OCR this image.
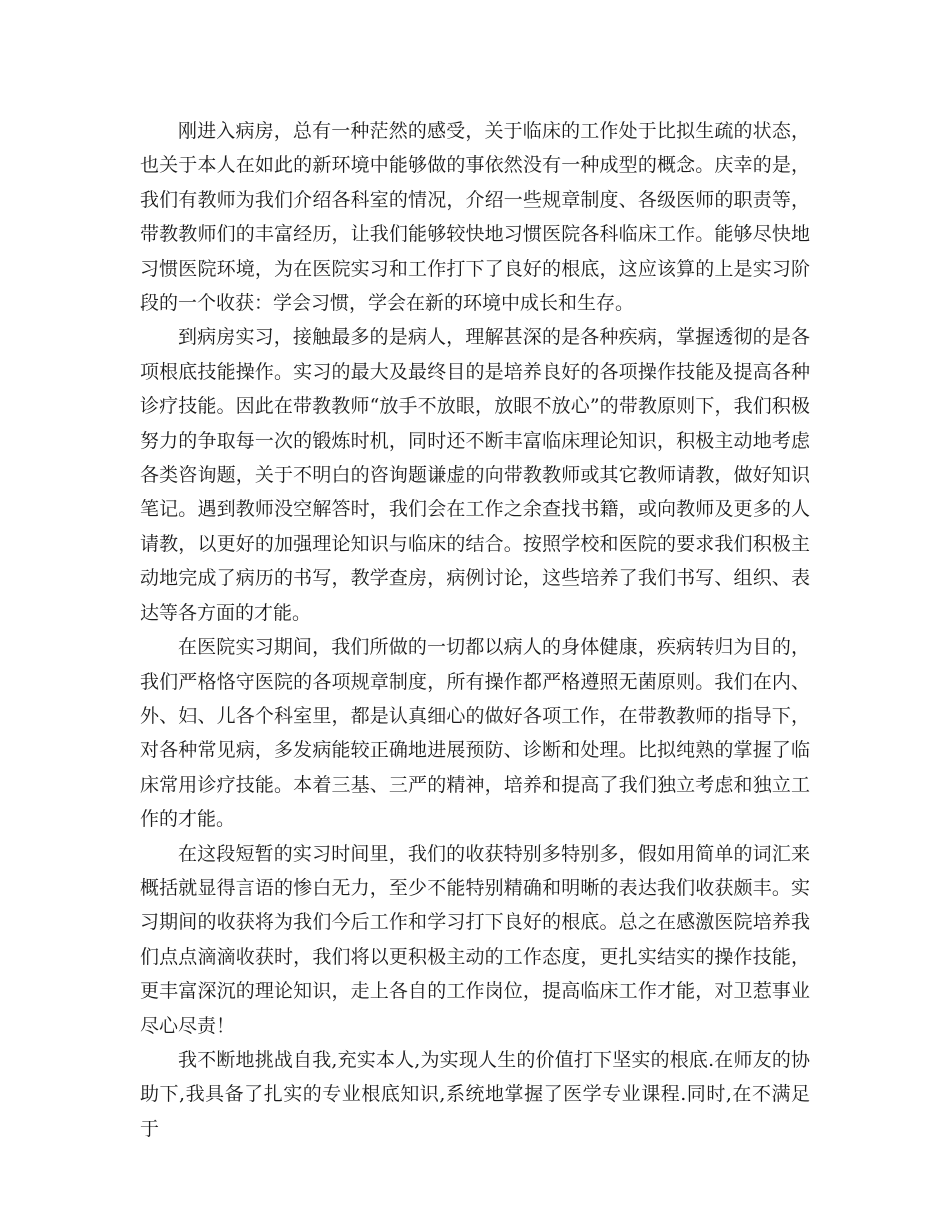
刚进入病房，总有一种茫然的感受，关于临床的工作处于比拟生疏的状态，也关于本人在如此的新环境中能够做的事依然没有一种成型的概念。庆幸的是，我们有教师为我们介绍各科室的情况，介绍一些规章制度、各级医师的职责等，带教教师们的丰富经历，让我们能够较快地习惯医院各科临床工作。能够尽快地习惯医院环境，为在医院实习和工作打下了良好的根底，这应该算的上是实习阶段的一个收获：学会习惯，学会在新的环境中成长和生存。

到病房实习，接触最多的是病人，理解甚深的是各种疾病，掌握透彻的是各项根底技能操作。实习的最大及最终目的是培养良好的各项操作技能及提高各种诊疗技能。因此在带教教师“放手不放眼，放眼不放心”的带教原则下，我们积极努力的争取每一次的锻炼时机，同时还不断丰富临床理论知识，积极主动地考虑各类咨询题，关于不明白的咨询题谦虚的向带教教师或其它教师请教，做好知识笔记。遇到教师没空解答时，我们会在工作之余查找书籍，或向教师及更多的人请教，以更好的加强理论知识与临床的结合。按照学校和医院的要求我们积极主动地完成了病历的书写，教学查房，病例讨论，这些培养了我们书写、组织、表达等各方面的才能。

在医院实习期间，我们所做的一切都以病人的身体健康，疾病转归为目的，我们严格恪守医院的各项规章制度，所有操作都严格遵照无菌原则。我们在内、外、妇、儿各个科室里，都是认真细心的做好各项工作，在带教教师的指导下，对各种常见病，多发病能较正确地进展预防、诊断和处理。比拟纯熟的掌握了临床常用诊疗技能。本着三基、三严的精神，培养和提高了我们独立考虑和独立工作的才能。

在这段短暂的实习时间里，我们的收获特别多特别多，假如用简单的词汇来概括就显得言语的惨白无力，至少不能特别精确和明晰的表达我们收获颇丰。实习期间的收获将为我们今后工作和学习打下良好的根底。总之在感激医院培养我们点点滴滴收获时，我们将以更积极主动的工作态度，更扎实结实的操作技能，更丰富深沉的理论知识，走上各自的工作岗位，提高临床工作才能，对卫惹事业尽心尽责！

我不断地挑战自我,充实本人,为实现人生的价值打下坚实的根底.在师友的协助下,我具备了扎实的专业根底知识,系统地掌握了医学专业课程.同时,在不满足于
